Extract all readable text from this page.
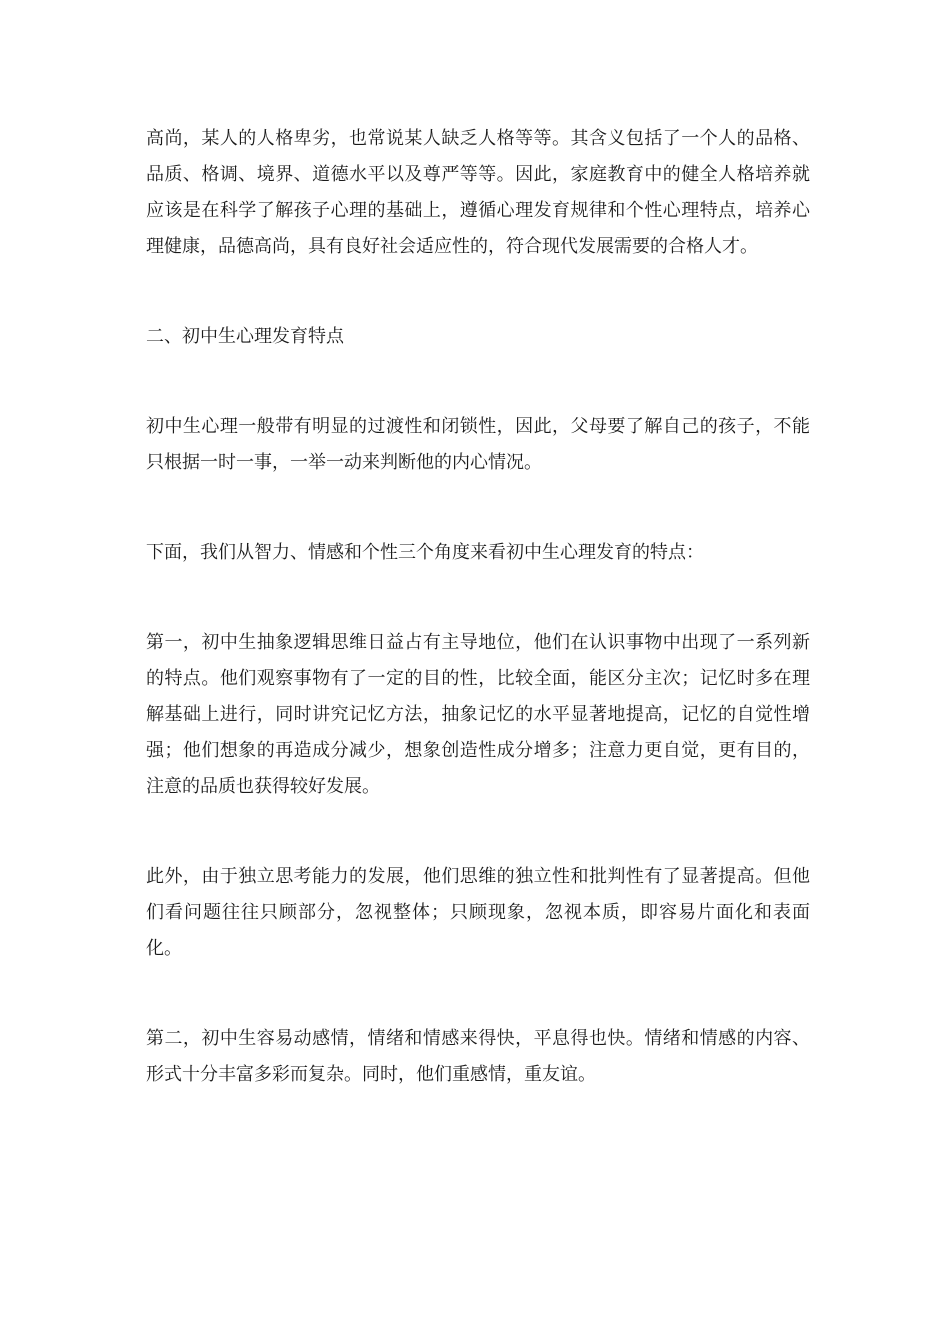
高尚，某人的人格卑劣，也常说某人缺乏人格等等。其含义包括了一个人的品格、品质、格调、境界、道德水平以及尊严等等。因此，家庭教育中的健全人格培养就应该是在科学了解孩子心理的基础上，遵循心理发育规律和个性心理特点，培养心理健康，品德高尚，具有良好社会适应性的，符合现代发展需要的合格人才。

二、初中生心理发育特点

初中生心理一般带有明显的过渡性和闭锁性，因此，父母要了解自己的孩子，不能只根据一时一事，一举一动来判断他的内心情况。

下面，我们从智力、情感和个性三个角度来看初中生心理发育的特点：

第一，初中生抽象逻辑思维日益占有主导地位，他们在认识事物中出现了一系列新的特点。他们观察事物有了一定的目的性，比较全面，能区分主次；记忆时多在理解基础上进行，同时讲究记忆方法，抽象记忆的水平显著地提高，记忆的自觉性增强；他们想象的再造成分减少，想象创造性成分增多；注意力更自觉，更有目的，注意的品质也获得较好发展。

此外，由于独立思考能力的发展，他们思维的独立性和批判性有了显著提高。但他们看问题往往只顾部分，忽视整体；只顾现象，忽视本质，即容易片面化和表面化。

第二，初中生容易动感情，情绪和情感来得快，平息得也快。情绪和情感的内容、形式十分丰富多彩而复杂。同时，他们重感情，重友谊。
